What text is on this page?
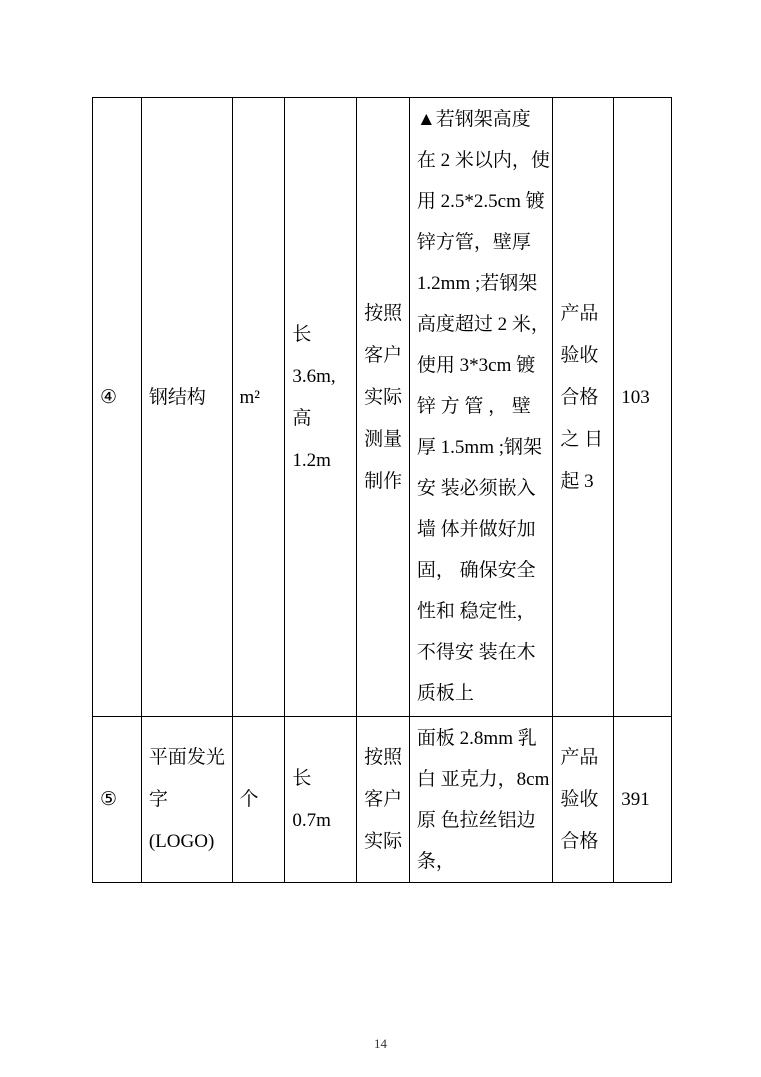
④	钢结构	m²
长
3.6m,
高
1.2m
按照
客户
实际
测量
制作
▲若钢架高度
在 2 米以内，使
用 2.5*2.5cm 镀
锌方管，壁厚
1.2mm ;若钢架
高度超过 2 米，
使用 3*3cm 镀
锌 方 管 ， 壁
厚 1.5mm ;钢架
安 装必须嵌入
墙 体并做好加
固， 确保安全
性和 稳定性，
不得安 装在木
质板上
产品
验收
合格
之 日
起 3
103
⑤
平面发光
字
(LOGO)
个
长
0.7m
按照
客户
实际
面板 2.8mm 乳
白 亚克力，8cm
原 色拉丝铝边
条，
产品
验收
合格
391
14
